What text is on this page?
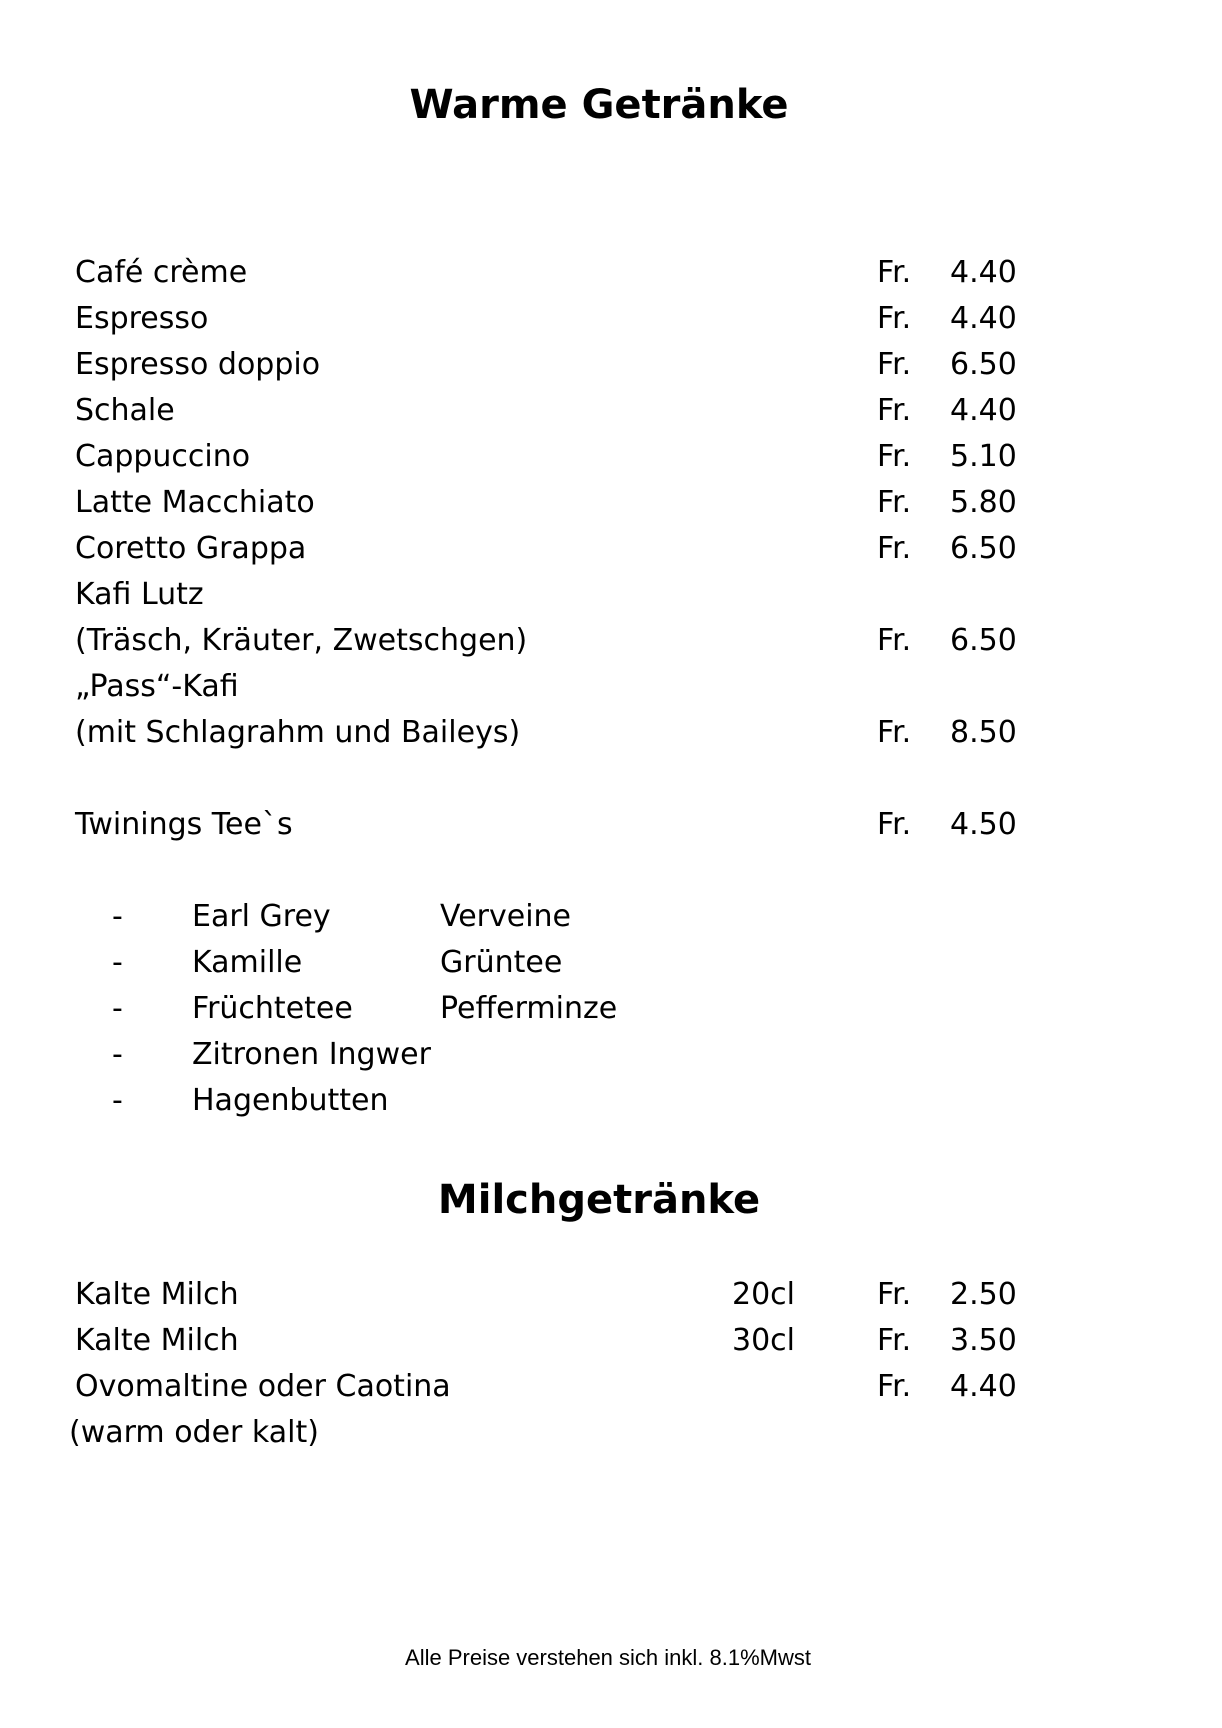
Warme Getränke
Café crème	Fr. 4.40
Espresso	Fr. 4.40
Espresso doppio	Fr. 6.50
Schale	Fr. 4.40
Cappuccino	Fr. 5.10
Latte Macchiato	Fr. 5.80
Coretto Grappa	Fr. 6.50
Kafi Lutz
(Träsch, Kräuter, Zwetschgen)	Fr. 6.50
„Pass“-Kafi
(mit Schlagrahm und Baileys)	Fr. 8.50
Twinings Tee`s	Fr. 4.50
- Earl Grey	Verveine
- Kamille	Grüntee
- Früchtetee	Pefferminze
- Zitronen Ingwer
- Hagenbutten
Milchgetränke
Kalte Milch	20cl	Fr. 2.50
Kalte Milch	30cl	Fr. 3.50
Ovomaltine oder Caotina	Fr. 4.40
(warm oder kalt)
Alle Preise verstehen sich inkl. 8.1%Mwst
